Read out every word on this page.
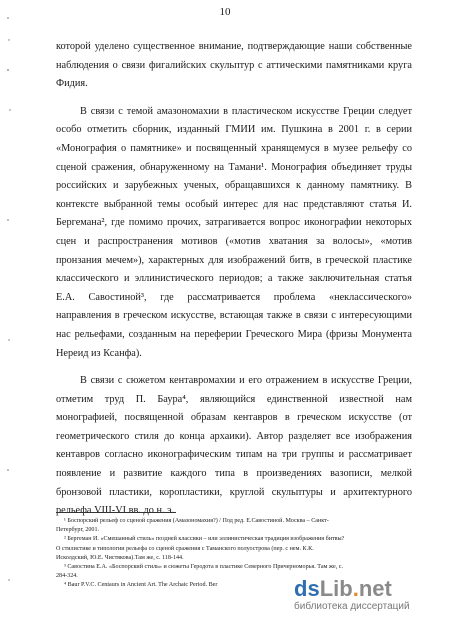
10
которой уделено существенное внимание, подтверждающие наши собственные
наблюдения о связи фигалийских скульптур с аттическими памятниками круга
Фидия.
В связи с темой амазономахии в пластическом искусстве Греции следует
особо отметить сборник, изданный ГМИИ им. Пушкина в 2001 г. в серии
«Монография о памятнике» и посвященный хранящемуся в музее рельефу со
сценой сражения, обнаруженному на Тамани¹. Монография объединяет труды
российских и зарубежных ученых, обращавшихся к данному памятнику. В
контексте выбранной темы особый интерес для нас представляют статья И.
Бергемана², где помимо прочих, затрагивается вопрос иконографии некоторых
сцен и распространения мотивов («мотив хватания за волосы», «мотив
пронзания мечем»), характерных для изображений битв, в греческой пластике
классического и эллинистического периодов; а также заключительная статья
Е.А. Савостиной³, где рассматривается проблема «неклассического»
направления в греческом искусстве, встающая также в связи с интересующими
нас рельефами, созданным на переферии Греческого Мира (фризы Монумента
Нереид из Ксанфа).
В связи с сюжетом кентавромахии и его отражением в искусстве Греции,
отметим труд П. Баура⁴, являющийся единственной известной нам
монографией, посвященной образам кентавров в греческом искусстве (от
геометрического стиля до конца архаики). Автор разделяет все изображения
кентавров согласно иконографическим типам на три группы и рассматривает
появление и развитие каждого типа в произведениях вазописи, мелкой
бронзовой пластики, коропластики, круглой скульптуры и архитектурного
рельефа VIII-VI вв. до н. э.
¹ Боспорский рельеф со сценой сражения (Амазономахия?) / Под ред. Е.Савостиной. Москва – Санкт-
Петербург, 2001.
² Бергеман И. «Смешанный стиль» поздней классики – или эллинистическая традиция изображения битвы?
О стилистике и типологии рельефа со сценой сражения с Таманского полуострова (пер. с нем. К.К.
Исколдский, Ю.Е. Чистякова).Там же, с. 118-144.
³ Савостина Е.А. «Боспорский стиль» и сюжеты Геродота в пластике Северного Причерноморья. Там же, с.
284-324.
⁴ Baur P.V.C. Centaurs in Ancient Art. The Archaic Period. Ber	dsLib.net
библиотека диссертаций
